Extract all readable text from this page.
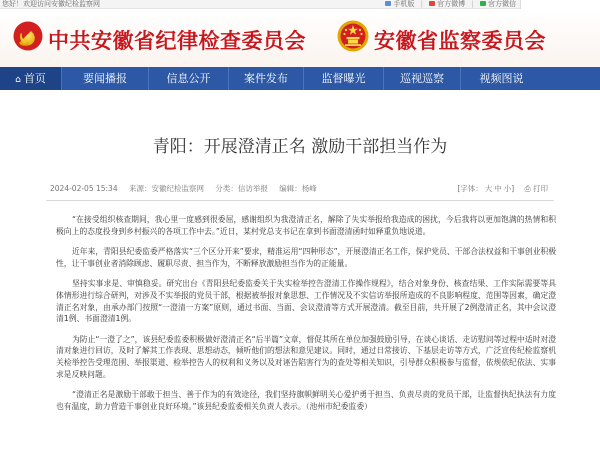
您好！欢迎访问安徽纪检监察网	手机版 | 官方微博 | 官方微信
中共安徽省纪律检查委员会	安徽省监察委员会
⌂ 首页	要闻播报	信息公开	案件发布	监督曝光	巡视巡察	视频图说
青阳：开展澄清正名 激励干部担当作为
2024-02-05 15:34 来源：安徽纪检监察网 分类：信访举报 编辑：杨峰	[字体： 大 中 小] ⎙ 打印

“在接受组织核查期间，我心里一度感到很委屈，感谢组织为我澄清正名，解除了失实举报给我造成的困扰，今后我将以更加饱满的热情和积极向上的态度投身到乡村振兴的各项工作中去。”近日，某村党总支书记在拿到书面澄清函时如释重负地说道。

近年来，青阳县纪委监委严格落实“三个区分开来”要求，精准运用“四种形态”，开展澄清正名工作，保护党员、干部合法权益和干事创业积极性，让干事创业者消除顾虑、履职尽责、担当作为，不断释放激励担当作为的正能量。

坚持实事求是、审慎稳妥。研究出台《青阳县纪委监委关于失实检举控告澄清工作操作规程》，结合对象身份、核查结果、工作实际需要等具体情形进行综合研判，对涉及不实举报的党员干部，根据被举报对象思想、工作情况及不实信访举报所造成的不良影响程度、范围等因素，确定澄清正名对象，由承办部门按照“一澄清一方案”原则，通过书面、当面、会议澄清等方式开展澄清。截至目前，共开展了2例澄清正名，其中会议澄清1例、书面澄清1例。

为防止“一澄了之”，该县纪委监委积极做好澄清正名“后半篇”文章，督促其所在单位加强鼓励引导，在谈心谈话、走访慰问等过程中适时对澄清对象进行回访，及时了解其工作表现、思想动态，倾听他们的想法和意见建议。同时，通过日常接访、下基层走访等方式，广泛宣传纪检监察机关检举控告受理范围、举报渠道、检举控告人的权利和义务以及对诬告陷害行为的查处等相关知识，引导群众积极参与监督，依规依纪依法、实事求是反映问题。

“澄清正名是激励干部敢于担当、善于作为的有效途径，我们坚持旗帜鲜明关心爱护勇于担当、负责尽责的党员干部，让监督执纪执法有力度也有温度，助力营造干事创业良好环境。”该县纪委监委相关负责人表示。（池州市纪委监委）
